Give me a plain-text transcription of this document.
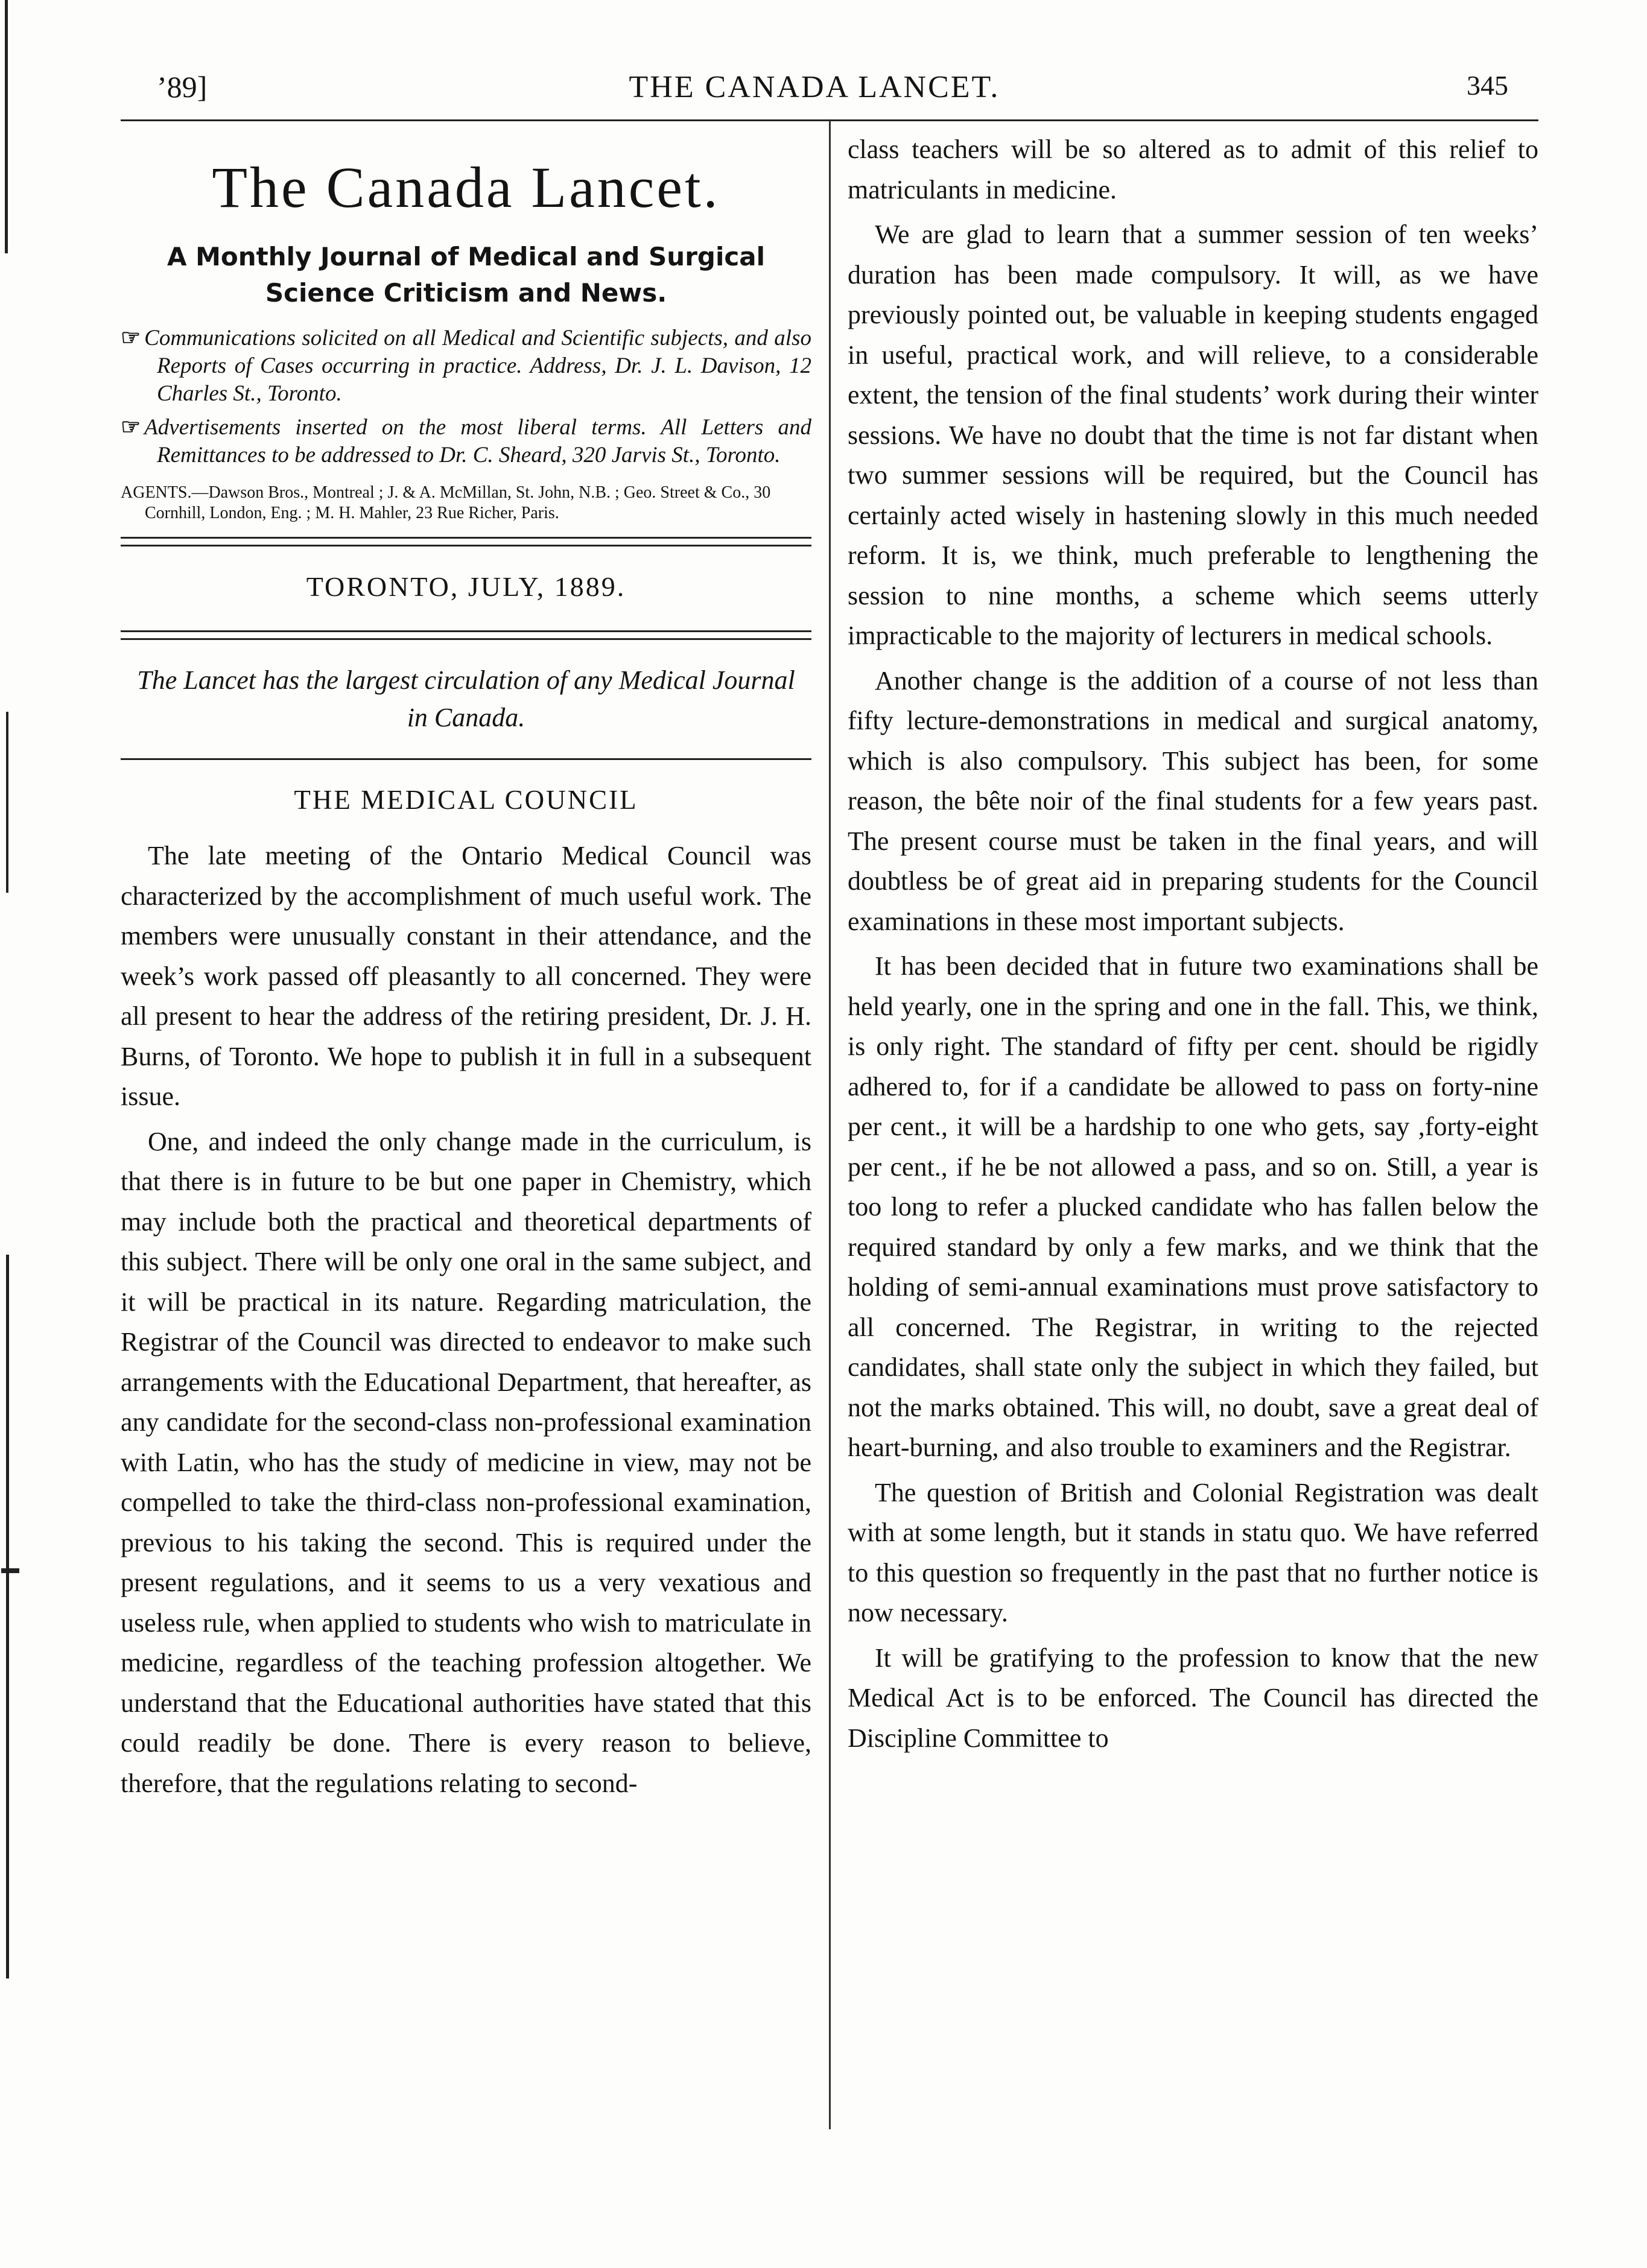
’89]	THE CANADA LANCET.	345
The Canada Lancet.
A Monthly Journal of Medical and Surgical Science Criticism and News.
☞ Communications solicited on all Medical and Scientific subjects, and also Reports of Cases occurring in practice. Address, Dr. J. L. Davison, 12 Charles St., Toronto.
☞ Advertisements inserted on the most liberal terms. All Letters and Remittances to be addressed to Dr. C. Sheard, 320 Jarvis St., Toronto.
AGENTS.—Dawson Bros., Montreal ; J. & A. McMillan, St. John, N.B. ; Geo. Street & Co., 30 Cornhill, London, Eng. ; M. H. Mahler, 23 Rue Richer, Paris.
TORONTO, JULY, 1889.
The Lancet has the largest circulation of any Medical Journal in Canada.
THE MEDICAL COUNCIL

The late meeting of the Ontario Medical Council was characterized by the accomplishment of much useful work. The members were unusually constant in their attendance, and the week’s work passed off pleasantly to all concerned. They were all present to hear the address of the retiring president, Dr. J. H. Burns, of Toronto. We hope to publish it in full in a subsequent issue.

One, and indeed the only change made in the curriculum, is that there is in future to be but one paper in Chemistry, which may include both the practical and theoretical departments of this subject. There will be only one oral in the same subject, and it will be practical in its nature. Regarding matriculation, the Registrar of the Council was directed to endeavor to make such arrangements with the Educational Department, that hereafter, as any candidate for the second-class non-professional examination with Latin, who has the study of medicine in view, may not be compelled to take the third-class non-professional examination, previous to his taking the second. This is required under the present regulations, and it seems to us a very vexatious and useless rule, when applied to students who wish to matriculate in medicine, regardless of the teaching profession altogether. We understand that the Educational authorities have stated that this could readily be done. There is every reason to believe, therefore, that the regulations relating to second-

class teachers will be so altered as to admit of this relief to matriculants in medicine.

We are glad to learn that a summer session of ten weeks’ duration has been made compulsory. It will, as we have previously pointed out, be valuable in keeping students engaged in useful, practical work, and will relieve, to a considerable extent, the tension of the final students’ work during their winter sessions. We have no doubt that the time is not far distant when two summer sessions will be required, but the Council has certainly acted wisely in hastening slowly in this much needed reform. It is, we think, much preferable to lengthening the session to nine months, a scheme which seems utterly impracticable to the majority of lecturers in medical schools.

Another change is the addition of a course of not less than fifty lecture-demonstrations in medical and surgical anatomy, which is also compulsory. This subject has been, for some reason, the bête noir of the final students for a few years past. The present course must be taken in the final years, and will doubtless be of great aid in preparing students for the Council examinations in these most important subjects.

It has been decided that in future two examinations shall be held yearly, one in the spring and one in the fall. This, we think, is only right. The standard of fifty per cent. should be rigidly adhered to, for if a candidate be allowed to pass on forty-nine per cent., it will be a hardship to one who gets, say ,forty-eight per cent., if he be not allowed a pass, and so on. Still, a year is too long to refer a plucked candidate who has fallen below the required standard by only a few marks, and we think that the holding of semi-annual examinations must prove satisfactory to all concerned. The Registrar, in writing to the rejected candidates, shall state only the subject in which they failed, but not the marks obtained. This will, no doubt, save a great deal of heart-burning, and also trouble to examiners and the Registrar.

The question of British and Colonial Registration was dealt with at some length, but it stands in statu quo. We have referred to this question so frequently in the past that no further notice is now necessary.

It will be gratifying to the profession to know that the new Medical Act is to be enforced. The Council has directed the Discipline Committee to
